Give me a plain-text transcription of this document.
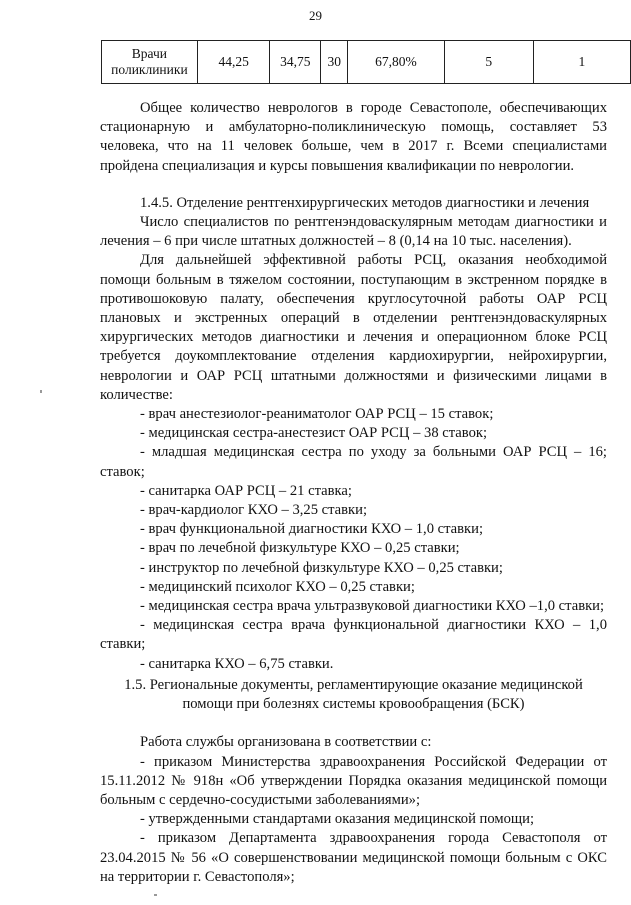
29
Врачи поликлиники	44,25	34,75	30	67,80%	5	1

Общее количество неврологов в городе Севастополе, обеспечивающих стационарную и амбулаторно-поликлиническую помощь, составляет 53 человека, что на 11 человек больше, чем в 2017 г. Всеми специалистами пройдена специализация и курсы повышения квалификации по неврологии.

1.4.5. Отделение рентгенхирургических методов диагностики и лечения

Число специалистов по рентгенэндоваскулярным методам диагностики и лечения – 6 при числе штатных должностей – 8 (0,14 на 10 тыс. населения).

Для дальнейшей эффективной работы РСЦ, оказания необходимой помощи больным в тяжелом состоянии, поступающим в экстренном порядке в противошоковую палату, обеспечения круглосуточной работы ОАР РСЦ плановых и экстренных операций в отделении рентгенэндоваскулярных хирургических методов диагностики и лечения и операционном блоке РСЦ требуется доукомплектование отделения кардиохирургии, нейрохирургии, неврологии и ОАР РСЦ штатными должностями и физическими лицами в количестве:

- врач анестезиолог-реаниматолог ОАР РСЦ – 15 ставок;

- медицинская сестра-анестезист ОАР РСЦ – 38 ставок;

- младшая медицинская сестра по уходу за больными ОАР РСЦ – 16; ставок;

- санитарка ОАР РСЦ – 21 ставка;

- врач-кардиолог КХО – 3,25 ставки;

- врач функциональной диагностики КХО – 1,0 ставки;

- врач по лечебной физкультуре КХО – 0,25 ставки;

- инструктор по лечебной физкультуре КХО – 0,25 ставки;

- медицинский психолог КХО – 0,25 ставки;

- медицинская сестра врача ультразвуковой диагностики КХО –1,0 ставки;

- медицинская сестра врача функциональной диагностики КХО – 1,0 ставки;

- санитарка КХО – 6,75 ставки.

1.5. Региональные документы, регламентирующие оказание медицинской помощи при болезнях системы кровообращения (БСК)

Работа службы организована в соответствии с:

- приказом Министерства здравоохранения Российской Федерации от 15.11.2012 № 918н «Об утверждении Порядка оказания медицинской помощи больным с сердечно-сосудистыми заболеваниями»;

- утвержденными стандартами оказания медицинской помощи;

- приказом Департамента здравоохранения города Севастополя от 23.04.2015 № 56 «О совершенствовании медицинской помощи больным с ОКС на территории г. Севастополя»;
